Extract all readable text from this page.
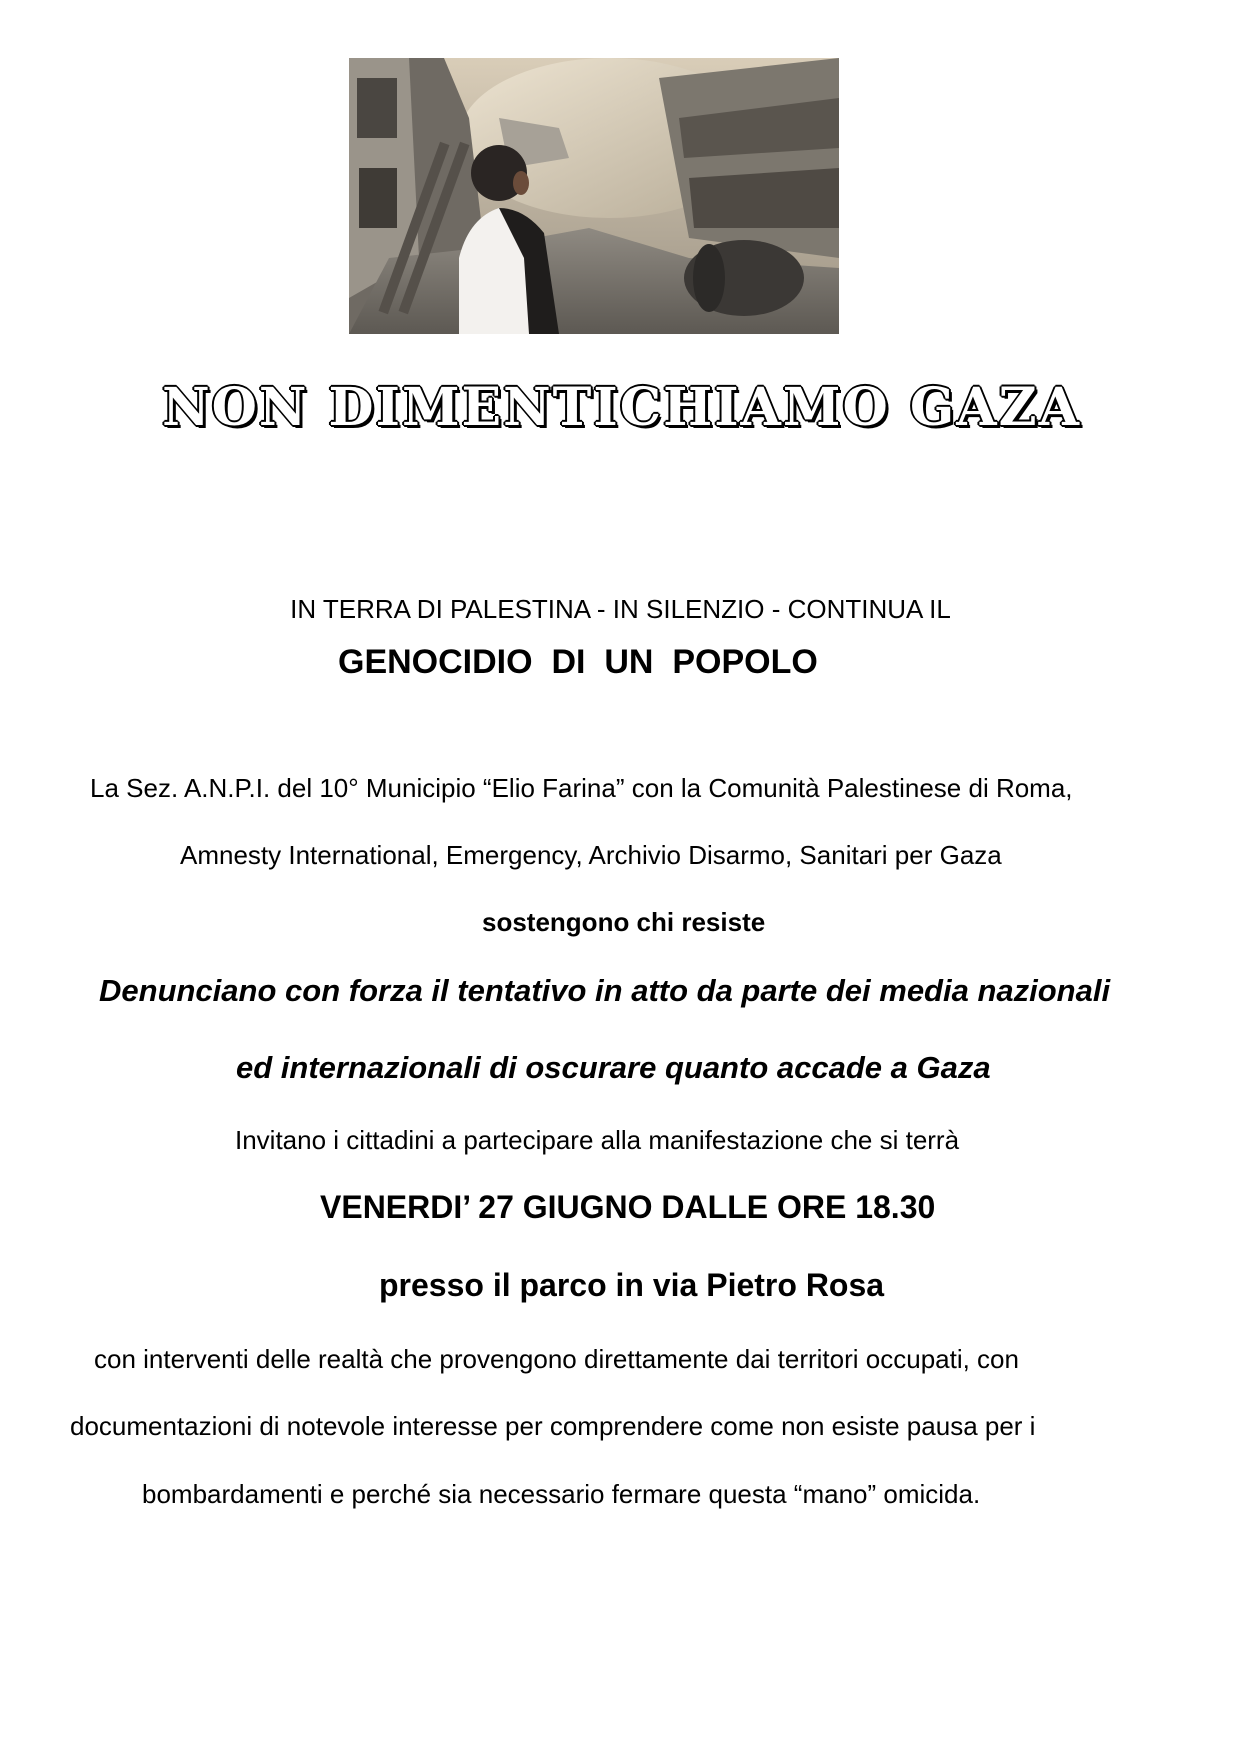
NON DIMENTICHIAMO GAZA
IN TERRA DI PALESTINA - IN SILENZIO - CONTINUA IL
GENOCIDIO  DI  UN  POPOLO
La Sez. A.N.P.I. del 10° Municipio “Elio Farina” con la Comunità Palestinese di Roma,
Amnesty International, Emergency, Archivio Disarmo, Sanitari per Gaza
sostengono chi resiste
Denunciano con forza il tentativo in atto da parte dei media nazionali
ed internazionali di oscurare quanto accade a Gaza
Invitano i cittadini a partecipare alla manifestazione che si terrà
VENERDI’ 27 GIUGNO DALLE ORE 18.30
presso il parco in via Pietro Rosa
con interventi delle realtà che provengono direttamente dai territori occupati, con
documentazioni di notevole interesse per comprendere come non esiste pausa per i
bombardamenti e perché sia necessario fermare questa “mano” omicida.
